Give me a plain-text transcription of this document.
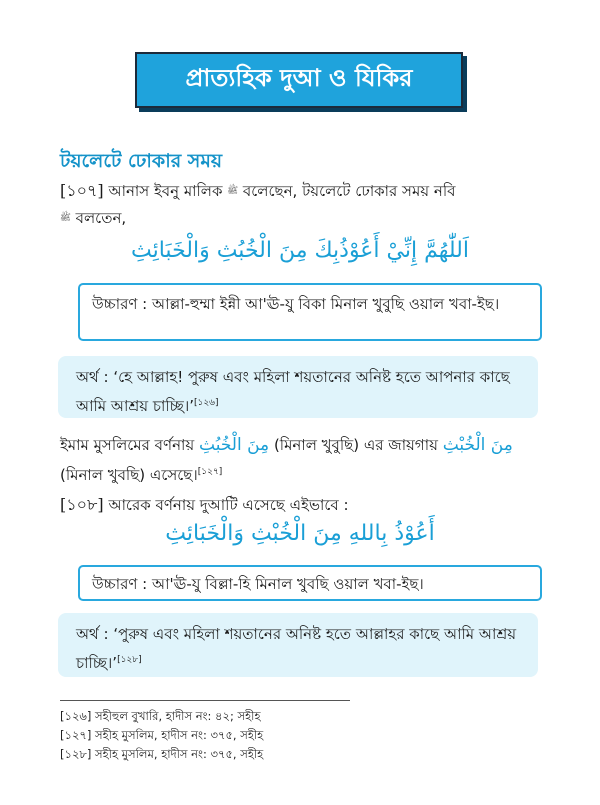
প্রাত্যহিক দুআ ও যিকির
টয়লেটে ঢোকার সময়
[১০৭] আনাস ইবনু মালিক ﷺ বলেছেন, টয়লেটে ঢোকার সময় নবি
ﷺ বলতেন,
اَللّٰهُمَّ إِنِّيْ أَعُوْذُبِكَ مِنَ الْخُبُثِ وَالْخَبَائِثِ
উচ্চারণ : আল্লা-হুম্মা ইন্নী আ'ঊ-যু বিকা মিনাল খুবুছি ওয়াল খবা-ইছ।
অর্থ : ‘হে আল্লাহ! পুরুষ এবং মহিলা শয়তানের অনিষ্ট হতে আপনার কাছে আমি আশ্রয় চাচ্ছি।’[১২৬]
ইমাম মুসলিমের বর্ণনায় مِنَ الْخُبُثِ (মিনাল খুবুছি) এর জায়গায় مِنَ الْخُبْثِ (মিনাল খুবছি) এসেছে।[১২৭]
[১০৮] আরেক বর্ণনায় দুআটি এসেছে এইভাবে :
أَعُوْذُ بِاللهِ مِنَ الْخُبْثِ وَالْخَبَائِثِ
উচ্চারণ : আ'ঊ-যু বিল্লা-হি মিনাল খুবছি ওয়াল খবা-ইছ।
অর্থ : ‘পুরুষ এবং মহিলা শয়তানের অনিষ্ট হতে আল্লাহর কাছে আমি আশ্রয় চাচ্ছি।’[১২৮]
[১২৬] সহীহুল বুখারি, হাদীস নং: ৪২; সহীহ
[১২৭] সহীহ মুসলিম, হাদীস নং: ৩৭৫, সহীহ
[১২৮] সহীহ মুসলিম, হাদীস নং: ৩৭৫, সহীহ
